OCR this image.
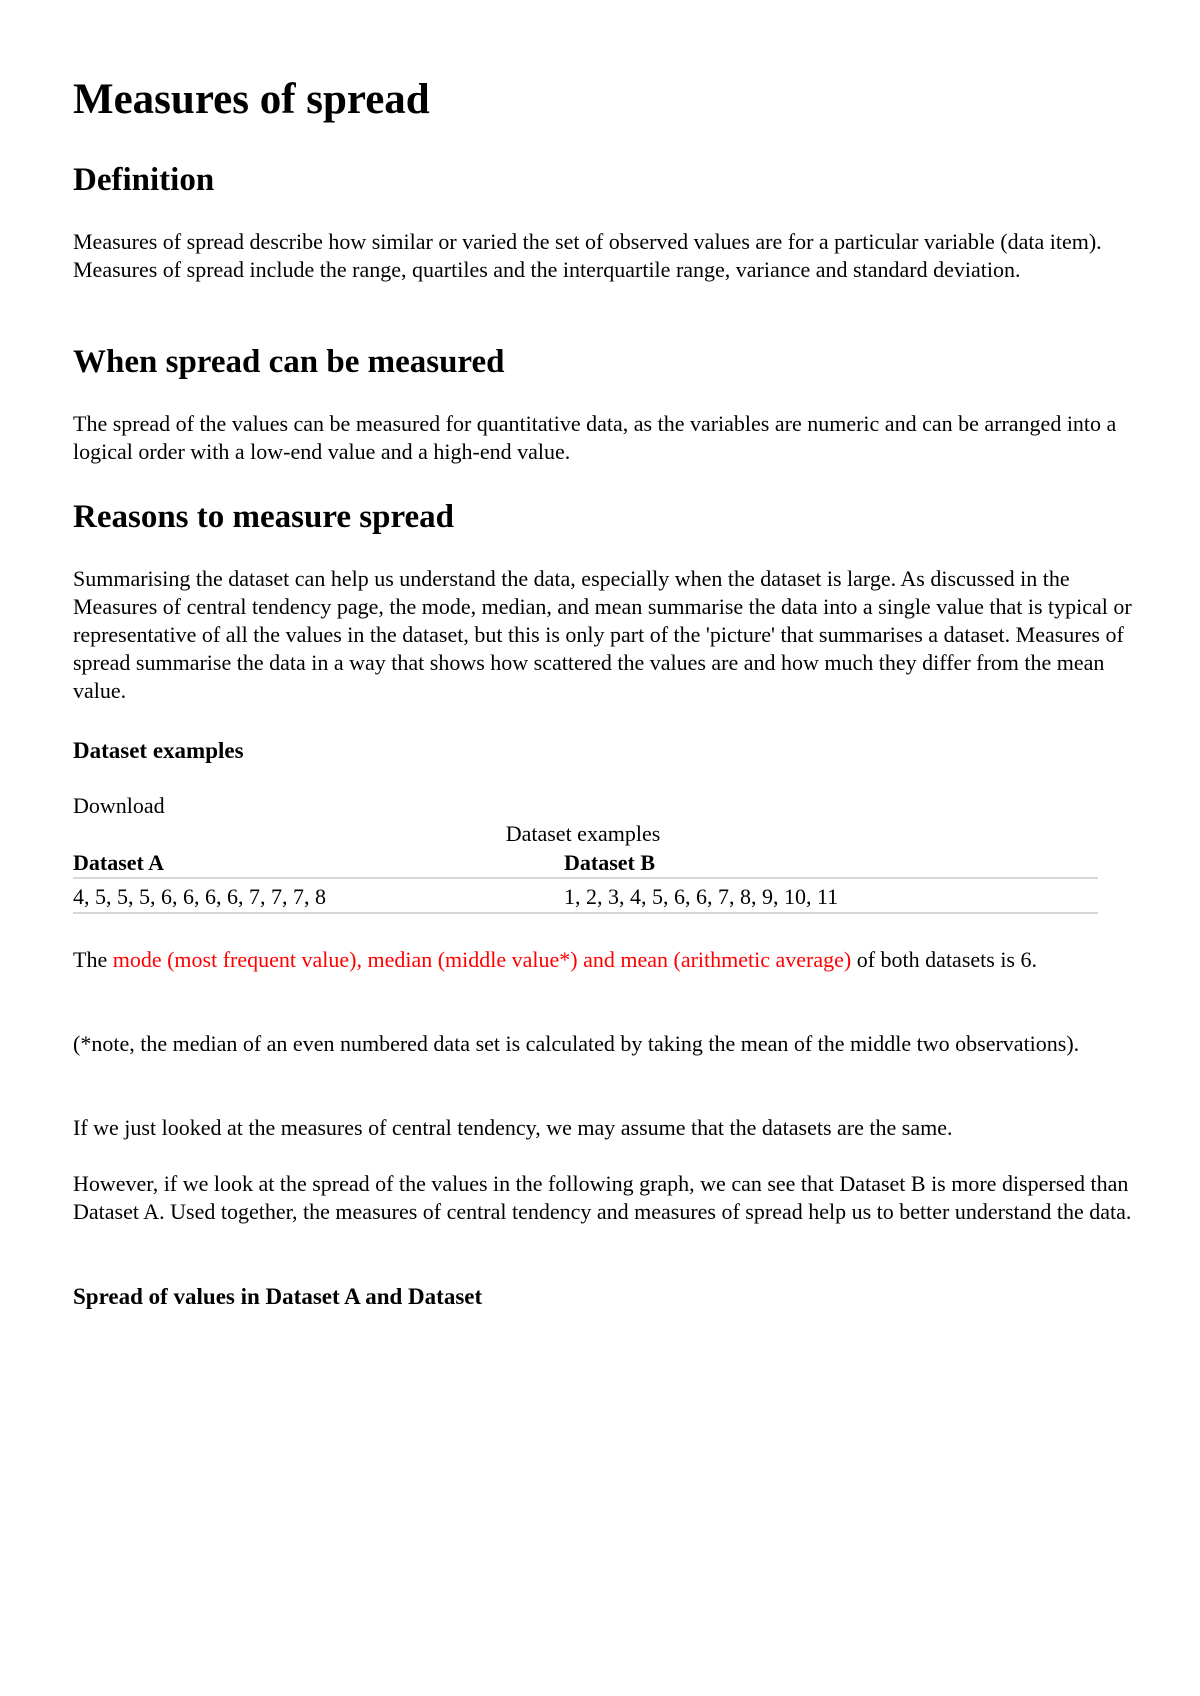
Measures of spread
Definition

Measures of spread describe how similar or varied the set of observed values are for a particular variable (data item). Measures of spread include the range, quartiles and the interquartile range, variance and standard deviation.

When spread can be measured

The spread of the values can be measured for quantitative data, as the variables are numeric and can be arranged into a logical order with a low-end value and a high-end value.

Reasons to measure spread

Summarising the dataset can help us understand the data, especially when the dataset is large. As discussed in the Measures of central tendency page, the mode, median, and mean summarise the data into a single value that is typical or representative of all the values in the dataset, but this is only part of the 'picture' that summarises a dataset. Measures of spread summarise the data in a way that shows how scattered the values are and how much they differ from the mean value.

Dataset examples

Download

Dataset examples
Dataset A	Dataset B
4, 5, 5, 5, 6, 6, 6, 6, 7, 7, 7, 8	1, 2, 3, 4, 5, 6, 6, 7, 8, 9, 10, 11

The mode (most frequent value), median (middle value*) and mean (arithmetic average) of both datasets is 6.

(*note, the median of an even numbered data set is calculated by taking the mean of the middle two observations).

If we just looked at the measures of central tendency, we may assume that the datasets are the same.

However, if we look at the spread of the values in the following graph, we can see that Dataset B is more dispersed than Dataset A. Used together, the measures of central tendency and measures of spread help us to better understand the data.

Spread of values in Dataset A and Dataset
